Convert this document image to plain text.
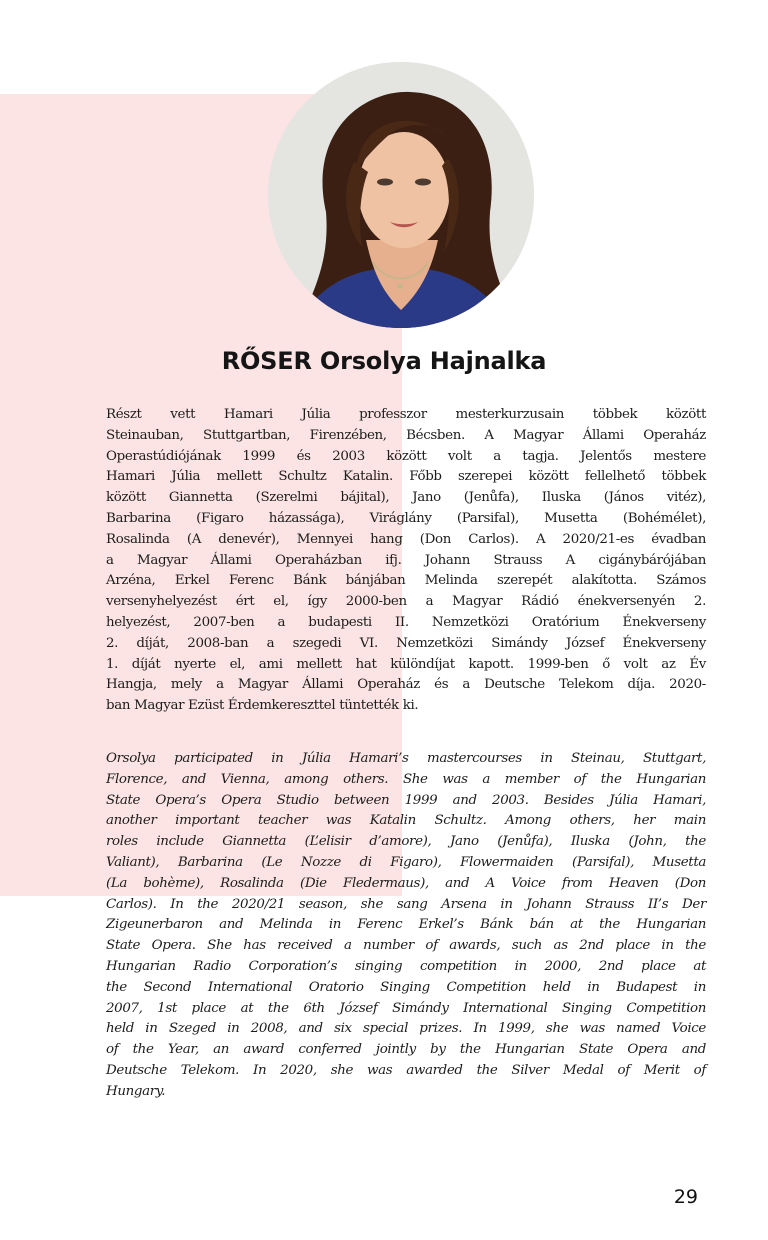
RŐSER Orsolya Hajnalka
Részt vett Hamari Júlia professzor mesterkurzusain többek között
Steinauban, Stuttgartban, Firenzében, Bécsben. A Magyar Állami Operaház
Operastúdiójának 1999 és 2003 között volt a tagja. Jelentős mestere
Hamari Júlia mellett Schultz Katalin. Főbb szerepei között fellelhető többek
között Giannetta (Szerelmi bájital), Jano (Jenůfa), Iluska (János vitéz),
Barbarina (Figaro házassága), Viráglány (Parsifal), Musetta (Bohémélet),
Rosalinda (A denevér), Mennyei hang (Don Carlos). A 2020/21-es évadban
a Magyar Állami Operaházban ifj. Johann Strauss A cigánybárójában
Arzéna, Erkel Ferenc Bánk bánjában Melinda szerepét alakította. Számos
versenyhelyezést ért el, így 2000-ben a Magyar Rádió énekversenyén 2.
helyezést, 2007-ben a budapesti II. Nemzetközi Oratórium Énekverseny
2. díját, 2008-ban a szegedi VI. Nemzetközi Simándy József Énekverseny
1. díját nyerte el, ami mellett hat különdíjat kapott. 1999-ben ő volt az Év
Hangja, mely a Magyar Állami Operaház és a Deutsche Telekom díja. 2020-
ban Magyar Ezüst Érdemkereszttel tüntették ki.
Orsolya participated in Júlia Hamari’s mastercourses in Steinau, Stuttgart,
Florence, and Vienna, among others. She was a member of the Hungarian
State Opera’s Opera Studio between 1999 and 2003. Besides Júlia Hamari,
another important teacher was Katalin Schultz. Among others, her main
roles include Giannetta (L’elisir d’amore), Jano (Jenůfa), Iluska (John, the
Valiant), Barbarina (Le Nozze di Figaro), Flowermaiden (Parsifal), Musetta
(La bohème), Rosalinda (Die Fledermaus), and A Voice from Heaven (Don
Carlos). In the 2020/21 season, she sang Arsena in Johann Strauss II’s Der
Zigeunerbaron and Melinda in Ferenc Erkel’s Bánk bán at the Hungarian
State Opera. She has received a number of awards, such as 2nd place in the
Hungarian Radio Corporation’s singing competition in 2000, 2nd place at
the Second International Oratorio Singing Competition held in Budapest in
2007, 1st place at the 6th József Simándy International Singing Competition
held in Szeged in 2008, and six special prizes. In 1999, she was named Voice
of the Year, an award conferred jointly by the Hungarian State Opera and
Deutsche Telekom. In 2020, she was awarded the Silver Medal of Merit of
Hungary.
29
